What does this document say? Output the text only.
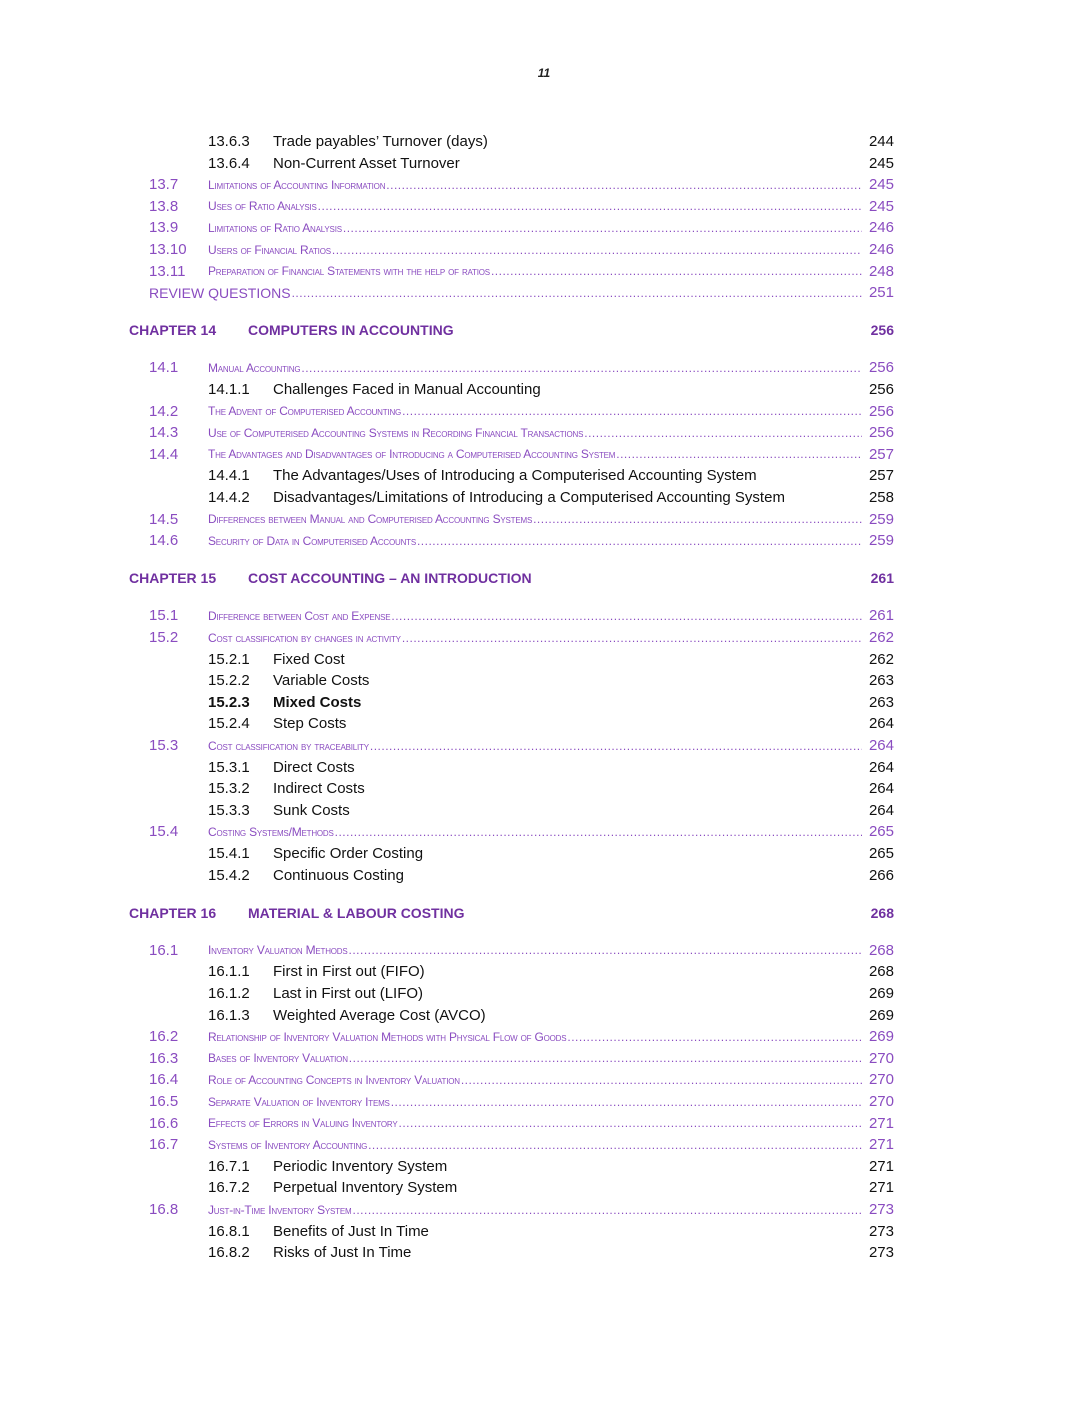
11
13.6.3 Trade payables’ Turnover (days)	244
13.6.4 Non-Current Asset Turnover	245
13.7 Limitations of Accounting Information	245
.....
13.8 Uses of Ratio Analysis	245
.....
13.9 Limitations of Ratio Analysis	246
.....
13.10 Users of Financial Ratios	246
.....
13.11 Preparation of Financial Statements with the help of ratios	248
.....
REVIEW QUESTIONS	251
.....
CHAPTER 14 COMPUTERS IN ACCOUNTING	256
14.1 Manual Accounting	256
.....
14.1.1 Challenges Faced in Manual Accounting	256
14.2 The Advent of Computerised Accounting	256
.....
14.3 Use of Computerised Accounting Systems in Recording Financial Transactions	256
.....
14.4 The Advantages and Disadvantages of Introducing a Computerised Accounting System	257
.....
14.4.1 The Advantages/Uses of Introducing a Computerised Accounting System	257
14.4.2 Disadvantages/Limitations of Introducing a Computerised Accounting System	258
14.5 Differences between Manual and Computerised Accounting Systems	259
.....
14.6 Security of Data in Computerised Accounts	259
.....
CHAPTER 15 COST ACCOUNTING – AN INTRODUCTION	261
15.1 Difference between Cost and Expense	261
.....
15.2 Cost classification by changes in activity	262
.....
15.2.1 Fixed Cost	262
15.2.2 Variable Costs	263
15.2.3 Mixed Costs	263
15.2.4 Step Costs	264
15.3 Cost classification by traceability	264
.....
15.3.1 Direct Costs	264
15.3.2 Indirect Costs	264
15.3.3 Sunk Costs	264
15.4 Costing Systems/Methods	265
.....
15.4.1 Specific Order Costing	265
15.4.2 Continuous Costing	266
CHAPTER 16 MATERIAL & LABOUR COSTING	268
16.1 Inventory Valuation Methods	268
.....
16.1.1 First in First out (FIFO)	268
16.1.2 Last in First out (LIFO)	269
16.1.3 Weighted Average Cost (AVCO)	269
16.2 Relationship of Inventory Valuation Methods with Physical Flow of Goods	269
.....
16.3 Bases of Inventory Valuation	270
.....
16.4 Role of Accounting Concepts in Inventory Valuation	270
.....
16.5 Separate Valuation of Inventory Items	270
.....
16.6 Effects of Errors in Valuing Inventory	271
.....
16.7 Systems of Inventory Accounting	271
.....
16.7.1 Periodic Inventory System	271
16.7.2 Perpetual Inventory System	271
16.8 Just-in-Time Inventory System	273
.....
16.8.1 Benefits of Just In Time	273
16.8.2 Risks of Just In Time	273
